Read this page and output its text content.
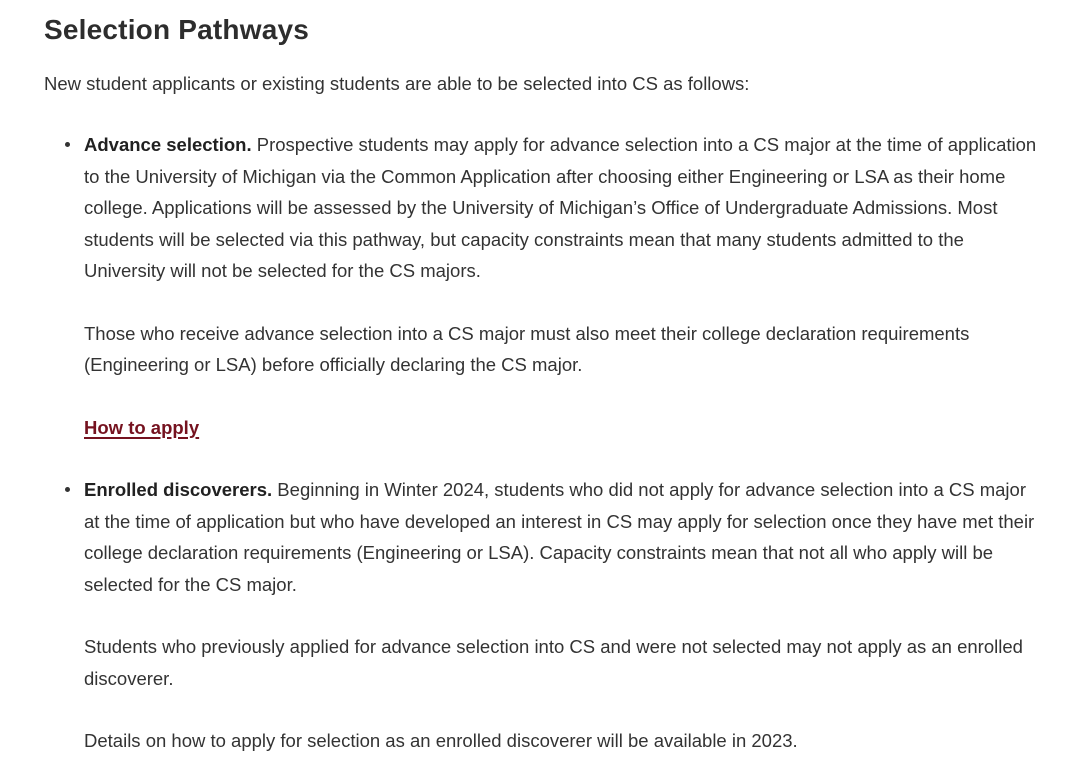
Selection Pathways

New student applicants or existing students are able to be selected into CS as follows:

Advance selection. Prospective students may apply for advance selection into a CS major at the time of application to the University of Michigan via the Common Application after choosing either Engineering or LSA as their home college. Applications will be assessed by the University of Michigan’s Office of Undergraduate Admissions. Most students will be selected via this pathway, but capacity constraints mean that many students admitted to the University will not be selected for the CS majors.

Those who receive advance selection into a CS major must also meet their college declaration requirements (Engineering or LSA) before officially declaring the CS major.

How to apply

Enrolled discoverers. Beginning in Winter 2024, students who did not apply for advance selection into a CS major at the time of application but who have developed an interest in CS may apply for selection once they have met their college declaration requirements (Engineering or LSA). Capacity constraints mean that not all who apply will be selected for the CS major.

Students who previously applied for advance selection into CS and were not selected may not apply as an enrolled discoverer.

Details on how to apply for selection as an enrolled discoverer will be available in 2023.
